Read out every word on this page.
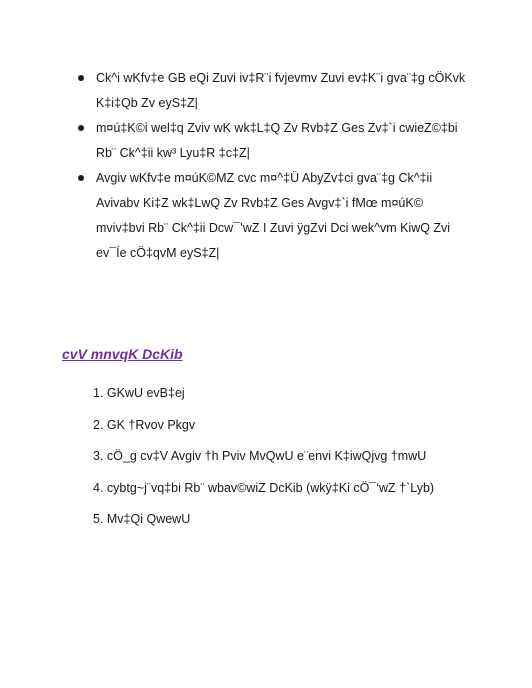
Ck^i wKfv‡e GB eQi Zuvi iv‡R¨i fvjevmv Zuvi ev‡K¨i gva¨‡g cÖKvk
K‡i‡Qb Zv eyS‡Z|
m¤ú‡K©i wel‡q Zviv wK wk‡L‡Q Zv Rvb‡Z Ges Zv‡`i cwieZ©‡bi
Rb¨ Ck^‡ii kw³ Lyu‡R ‡c‡Z|
Avgiv wKfv‡e m¤úK©MZ cvc m¤^‡Ü AbyZv‡ci gva¨‡g Ck^‡ii
Avivabv Ki‡Z wk‡LwQ Zv Rvb‡Z Ges Avgv‡`i fMœ m¤úK©
mviv‡bvi Rb¨ Ck^‡ii Dcw¯’wZ I Zuvi ÿgZvi Dci wek^vm KiwQ Zvi
ev¯Íe cÖ‡qvM eyS‡Z|
cvV mnvqK DcKib
1. GKwU evB‡ej
2. GK †Rvov Pkgv
3. cÖ_g cv‡V Avgiv †h Pviv MvQwU e¨envi K‡iwQjvg †mwU
4. cybtg~j¨vq‡bi Rb¨ wbav©wiZ DcKib (wkÿ‡Ki cÖ¯‘wZ †`Lyb)
5. Mv‡Qi QwewU
